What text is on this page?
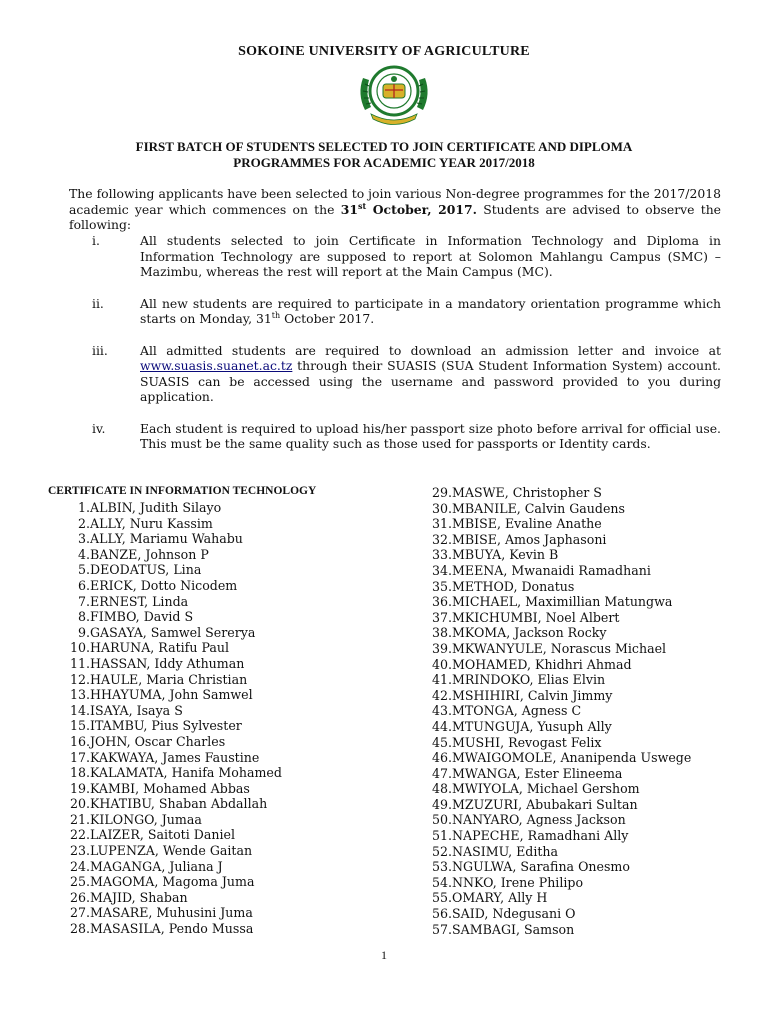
SOKOINE UNIVERSITY OF AGRICULTURE
FIRST BATCH OF STUDENTS SELECTED TO JOIN CERTIFICATE AND DIPLOMA
PROGRAMMES FOR ACADEMIC YEAR 2017/2018
The following applicants have been selected to join various Non-degree programmes for the 2017/2018 academic year which commences on the 31st October, 2017. Students are advised to observe the following:
i.	All students selected to join Certificate in Information Technology and Diploma in Information Technology are supposed to report at Solomon Mahlangu Campus (SMC) – Mazimbu, whereas the rest will report at the Main Campus (MC).
ii.	All new students are required to participate in a mandatory orientation programme which starts on Monday, 31th October 2017.
iii.	All admitted students are required to download an admission letter and invoice at www.suasis.suanet.ac.tz through their SUASIS (SUA Student Information System) account. SUASIS can be accessed using the username and password provided to you during application.
iv.	Each student is required to upload his/her passport size photo before arrival for official use. This must be the same quality such as those used for passports or Identity cards.
CERTIFICATE IN INFORMATION TECHNOLOGY
1. ALBIN, Judith Silayo
2. ALLY, Nuru Kassim
3. ALLY, Mariamu Wahabu
4. BANZE, Johnson P
5. DEODATUS, Lina
6. ERICK, Dotto Nicodem
7. ERNEST, Linda
8. FIMBO, David S
9. GASAYA, Samwel Sererya
10. HARUNA, Ratifu Paul
11. HASSAN, Iddy Athuman
12. HAULE, Maria Christian
13. HHAYUMA, John Samwel
14. ISAYA, Isaya S
15. ITAMBU, Pius Sylvester
16. JOHN, Oscar Charles
17. KAKWAYA, James Faustine
18. KALAMATA, Hanifa Mohamed
19. KAMBI, Mohamed Abbas
20. KHATIBU, Shaban Abdallah
21. KILONGO, Jumaa
22. LAIZER, Saitoti Daniel
23. LUPENZA, Wende Gaitan
24. MAGANGA, Juliana J
25. MAGOMA, Magoma Juma
26. MAJID, Shaban
27. MASARE, Muhusini Juma
28. MASASILA, Pendo Mussa
29. MASWE, Christopher S
30. MBANILE, Calvin Gaudens
31. MBISE, Evaline Anathe
32. MBISE, Amos Japhasoni
33. MBUYA, Kevin B
34. MEENA, Mwanaidi Ramadhani
35. METHOD, Donatus
36. MICHAEL, Maximillian Matungwa
37. MKICHUMBI, Noel Albert
38. MKOMA, Jackson Rocky
39. MKWANYULE, Norascus Michael
40. MOHAMED, Khidhri Ahmad
41. MRINDOKO, Elias Elvin
42. MSHIHIRI, Calvin Jimmy
43. MTONGA, Agness C
44. MTUNGUJA, Yusuph Ally
45. MUSHI, Revogast Felix
46. MWAIGOMOLE, Ananipenda Uswege
47. MWANGA, Ester Elineema
48. MWIYOLA, Michael Gershom
49. MZUZURI, Abubakari Sultan
50. NANYARO, Agness Jackson
51. NAPECHE, Ramadhani Ally
52. NASIMU, Editha
53. NGULWA, Sarafina Onesmo
54. NNKO, Irene Philipo
55. OMARY, Ally H
56. SAID, Ndegusani O
57. SAMBAGI, Samson
1
